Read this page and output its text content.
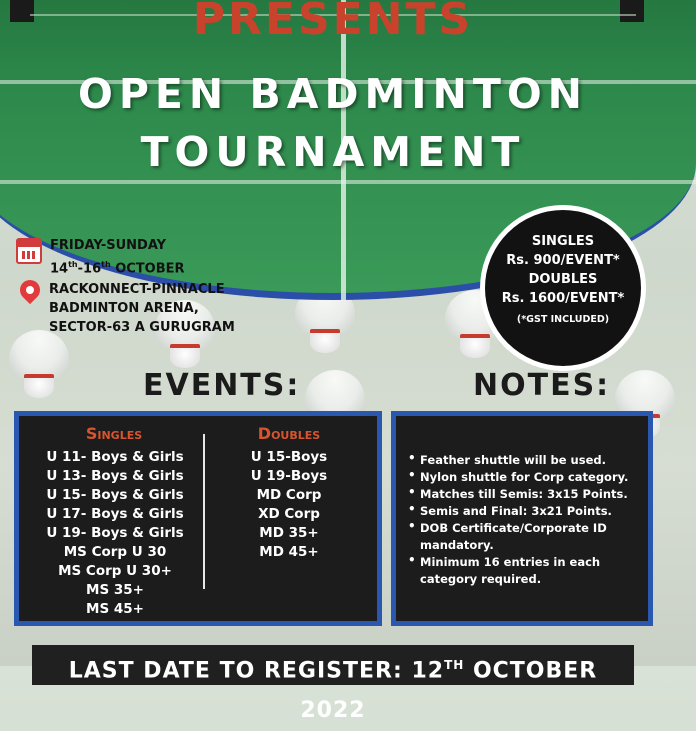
PRESENTS
OPEN BADMINTON
TOURNAMENT
FRIDAY-SUNDAY
14th-16th OCTOBER
RACKONNECT-PINNACLE
BADMINTON ARENA,
SECTOR-63 A GURUGRAM
SINGLES
Rs. 900/EVENT*
DOUBLES
Rs. 1600/EVENT*
(*GST INCLUDED)
EVENTS:	NOTES:
Singles
U 11- Boys & Girls
U 13- Boys & Girls
U 15- Boys & Girls
U 17- Boys & Girls
U 19- Boys & Girls
MS Corp U 30
MS Corp U 30+
MS 35+
MS 45+
Doubles
U 15-Boys
U 19-Boys
MD Corp
XD Corp
MD 35+
MD 45+
• Feather shuttle will be used.
• Nylon shuttle for Corp category.
• Matches till Semis: 3x15 Points.
• Semis and Final: 3x21 Points.
• DOB Certificate/Corporate ID mandatory.
• Minimum 16 entries in each category required.
LAST DATE TO REGISTER: 12TH OCTOBER 2022
